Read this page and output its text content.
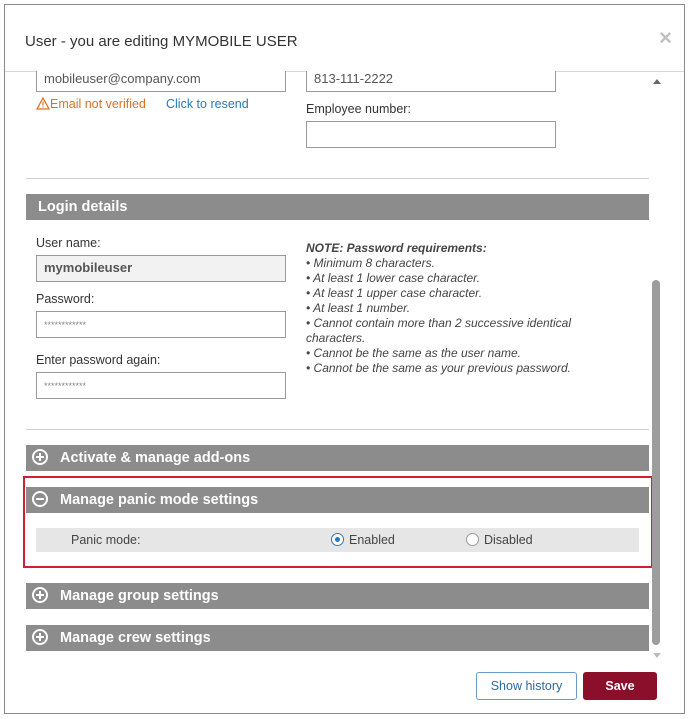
User - you are editing MYMOBILE USER	×
mobileuser@company.com	813-111-2222
Email not verified Click to resend	Employee number:
Login details
User name:
mymobileuser
Password:
************
Enter password again:
************
NOTE: Password requirements:
• Minimum 8 characters.
• At least 1 lower case character.
• At least 1 upper case character.
• At least 1 number.
• Cannot contain more than 2 successive identical characters.
• Cannot be the same as the user name.
• Cannot be the same as your previous password.
Activate & manage add-ons
Manage panic mode settings
Panic mode:	Enabled	Disabled
Manage group settings
Manage crew settings
Show history	Save
